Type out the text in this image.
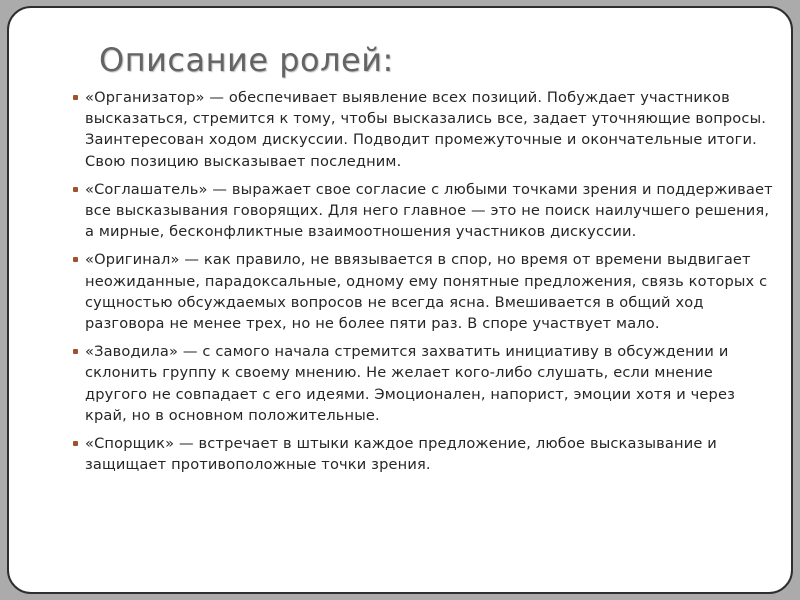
Описание ролей:
«Организатор» — обеспечивает выявление всех позиций. Побуждает участников высказаться, стремится к тому, чтобы высказались все, задает уточняющие вопросы. Заинтересован ходом дискуссии. Подводит промежуточные и окончательные итоги. Свою позицию высказывает последним.
«Соглашатель» — выражает свое согласие с любыми точками зрения и поддерживает все высказывания говорящих. Для него главное — это не поиск наилучшего решения, а мирные, бесконфликтные взаимоотношения участников дискуссии.
«Оригинал» — как правило, не ввязывается в спор, но время от времени выдвигает неожиданные, парадоксальные, одному ему понятные предложения, связь которых с сущностью обсуждаемых вопросов не всегда ясна. Вмешивается в общий ход разговора не менее трех, но не более пяти раз. В споре участвует мало.
«Заводила» — с самого начала стремится захватить инициативу в обсуждении и склонить группу к своему мнению. Не желает кого-либо слушать, если мнение другого не совпадает с его идеями. Эмоционален, напорист, эмоции хотя и через край, но в основном положительные.
«Спорщик» — встречает в штыки каждое предложение, любое высказывание и защищает противоположные точки зрения.
